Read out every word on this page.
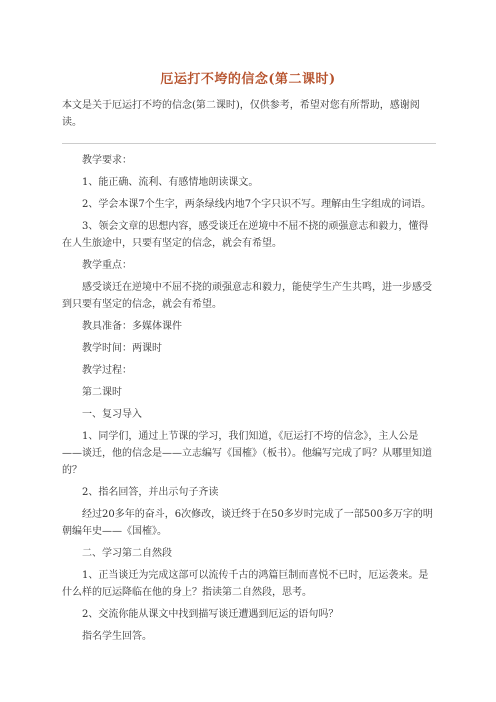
厄运打不垮的信念(第二课时)
本文是关于厄运打不垮的信念(第二课时)，仅供参考，希望对您有所帮助，感谢阅读。

教学要求：

1、能正确、流利、有感情地朗读课文。

2、学会本课7个生字，两条绿线内地7个字只识不写。理解由生字组成的词语。

3、领会文章的思想内容，感受谈迁在逆境中不屈不挠的顽强意志和毅力，懂得在人生旅途中，只要有坚定的信念，就会有希望。

教学重点：

感受谈迁在逆境中不屈不挠的顽强意志和毅力，能使学生产生共鸣，进一步感受到只要有坚定的信念，就会有希望。

教具准备：多媒体课件

教学时间：两课时

教学过程：

第二课时

一、复习导入

1、同学们，通过上节课的学习，我们知道，《厄运打不垮的信念》，主人公是——谈迁，他的信念是——立志编写《国榷》（板书）。他编写完成了吗？从哪里知道的？

2、指名回答，并出示句子齐读

经过20多年的奋斗，6次修改，谈迁终于在50多岁时完成了一部500多万字的明朝编年史——《国榷》。

二、学习第二自然段

1、正当谈迁为完成这部可以流传千古的鸿篇巨制而喜悦不已时，厄运袭来。是什么样的厄运降临在他的身上？指读第二自然段，思考。

2、交流你能从课文中找到描写谈迁遭遇到厄运的语句吗？

指名学生回答。
